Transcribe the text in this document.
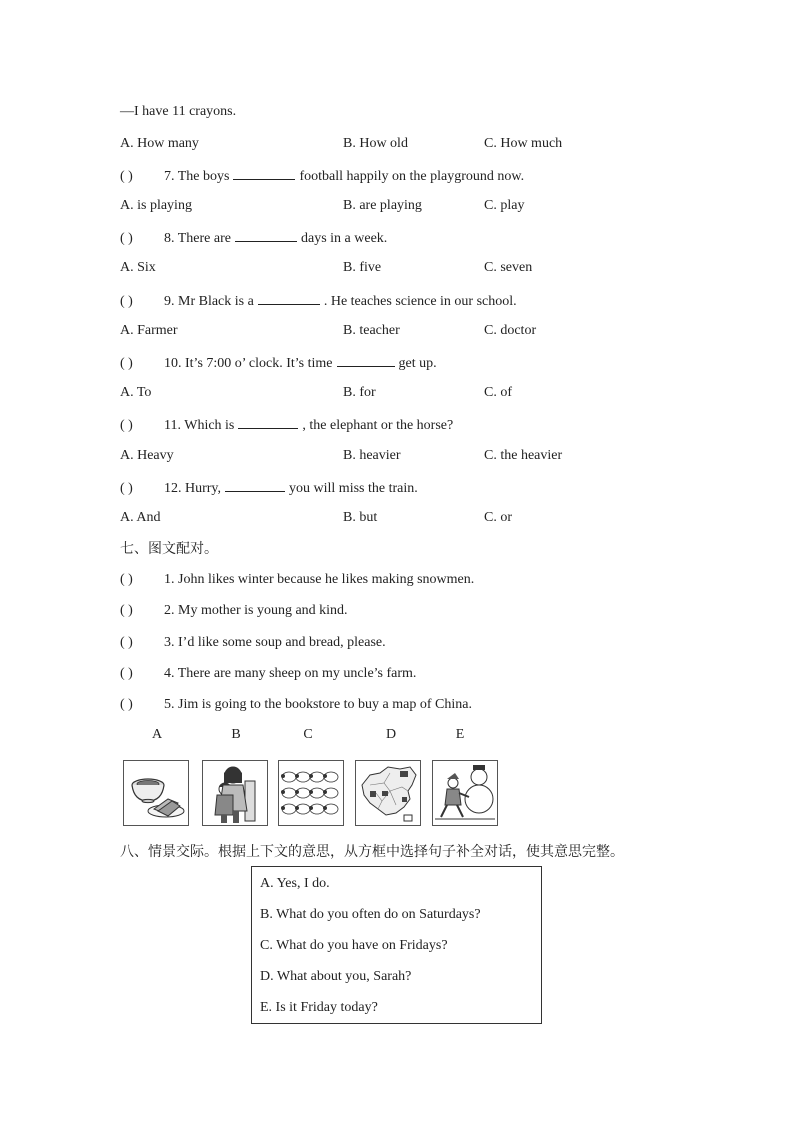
—I have 11 crayons.
A. How many	B. How old	C. How much
( ) 7. The boys	football happily on the playground now.
A. is playing	B. are playing	C. play
( ) 8. There are	days in a week.
A. Six	B. five	C. seven
( ) 9. Mr Black is a	. He teaches science in our school.
A. Farmer	B. teacher	C. doctor
( ) 10. It’s 7:00 o’ clock. It’s time	get up.
A. To	B. for	C. of
( ) 11. Which is	, the elephant or the horse?
A. Heavy	B. heavier	C. the heavier
( ) 12. Hurry,	you will miss the train.
A. And	B. but	C. or
七、图文配对。
( ) 1. John likes winter because he likes making snowmen.
( ) 2. My mother is young and kind.
( ) 3. I’d like some soup and bread, please.
( ) 4. There are many sheep on my uncle’s farm.
( ) 5. Jim is going to the bookstore to buy a map of China.
A	B	C	D	E
八、情景交际。根据上下文的意思，从方框中选择句子补全对话，使其意思完整。
A. Yes, I do.
B. What do you often do on Saturdays?
C. What do you have on Fridays?
D. What about you, Sarah?
E. Is it Friday today?
